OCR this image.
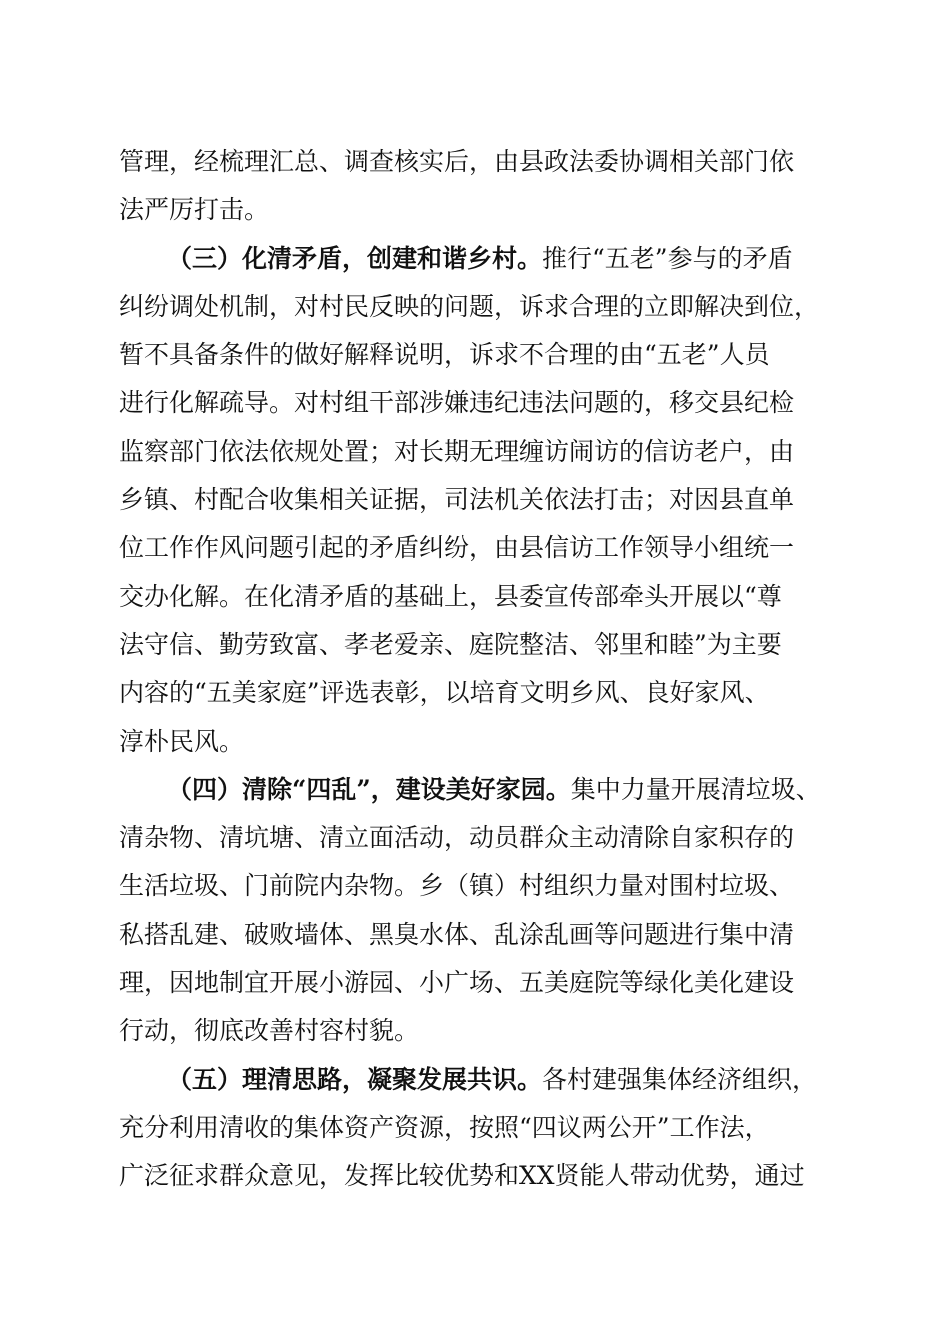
管理，经梳理汇总、调查核实后，由县政法委协调相关部门依
法严厉打击。
（三）化清矛盾，创建和谐乡村。推行“五老”参与的矛盾
纠纷调处机制，对村民反映的问题，诉求合理的立即解决到位，
暂不具备条件的做好解释说明，诉求不合理的由“五老”人员
进行化解疏导。对村组干部涉嫌违纪违法问题的，移交县纪检
监察部门依法依规处置；对长期无理缠访闹访的信访老户，由
乡镇、村配合收集相关证据，司法机关依法打击；对因县直单
位工作作风问题引起的矛盾纠纷，由县信访工作领导小组统一
交办化解。在化清矛盾的基础上，县委宣传部牵头开展以“尊
法守信、勤劳致富、孝老爱亲、庭院整洁、邻里和睦”为主要
内容的“五美家庭”评选表彰，以培育文明乡风、良好家风、
淳朴民风。
（四）清除“四乱”，建设美好家园。集中力量开展清垃圾、
清杂物、清坑塘、清立面活动，动员群众主动清除自家积存的
生活垃圾、门前院内杂物。乡（镇）村组织力量对围村垃圾、
私搭乱建、破败墙体、黑臭水体、乱涂乱画等问题进行集中清
理，因地制宜开展小游园、小广场、五美庭院等绿化美化建设
行动，彻底改善村容村貌。
（五）理清思路，凝聚发展共识。各村建强集体经济组织，
充分利用清收的集体资产资源，按照“四议两公开”工作法，
广泛征求群众意见，发挥比较优势和XX贤能人带动优势，通过
